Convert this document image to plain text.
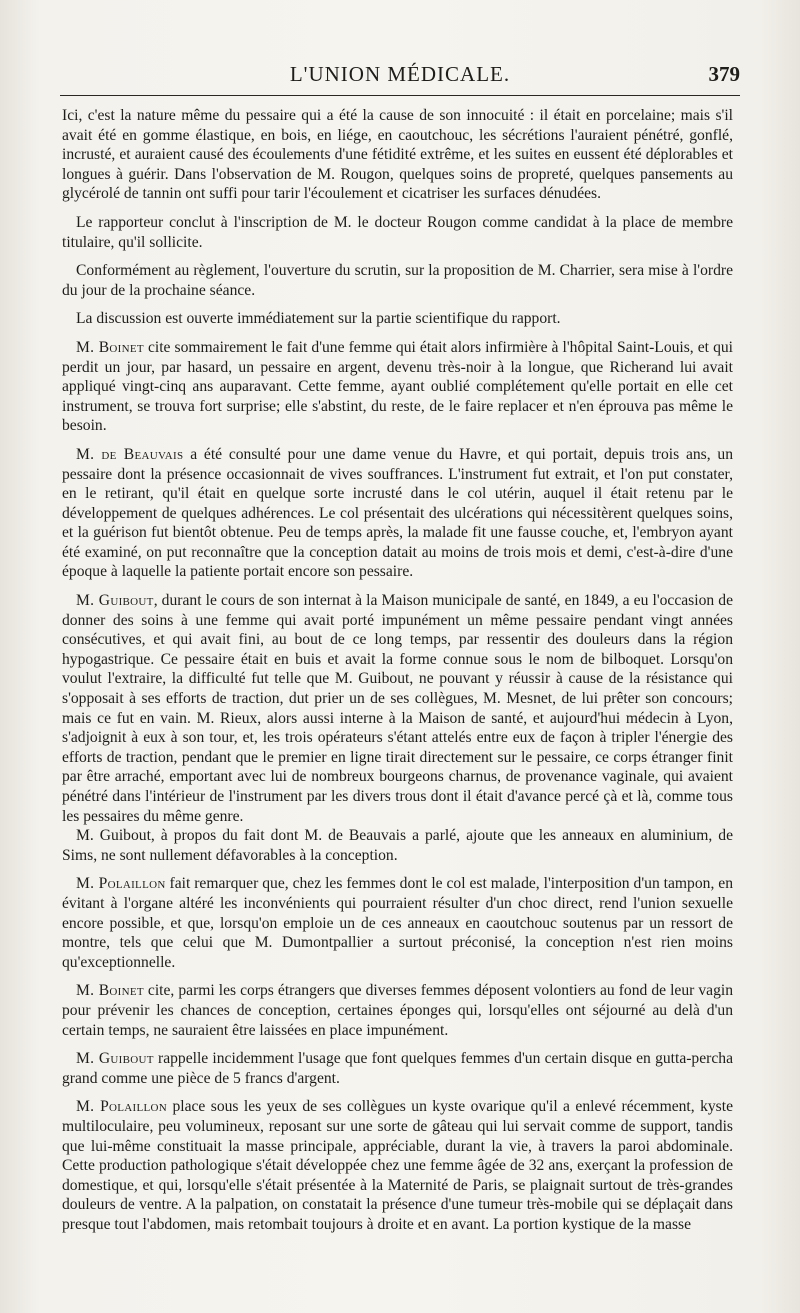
L'UNION MÉDICALE.	379

Ici, c'est la nature même du pessaire qui a été la cause de son innocuité : il était en porcelaine; mais s'il avait été en gomme élastique, en bois, en liége, en caoutchouc, les sécrétions l'auraient pénétré, gonflé, incrusté, et auraient causé des écoulements d'une fétidité extrême, et les suites en eussent été déplorables et longues à guérir. Dans l'observation de M. Rougon, quelques soins de propreté, quelques pansements au glycérolé de tannin ont suffi pour tarir l'écoulement et cicatriser les surfaces dénudées.

Le rapporteur conclut à l'inscription de M. le docteur Rougon comme candidat à la place de membre titulaire, qu'il sollicite.

Conformément au règlement, l'ouverture du scrutin, sur la proposition de M. Charrier, sera mise à l'ordre du jour de la prochaine séance.

La discussion est ouverte immédiatement sur la partie scientifique du rapport.

M. Boinet cite sommairement le fait d'une femme qui était alors infirmière à l'hôpital Saint-Louis, et qui perdit un jour, par hasard, un pessaire en argent, devenu très-noir à la longue, que Richerand lui avait appliqué vingt-cinq ans auparavant. Cette femme, ayant oublié complétement qu'elle portait en elle cet instrument, se trouva fort surprise; elle s'abstint, du reste, de le faire replacer et n'en éprouva pas même le besoin.

M. de Beauvais a été consulté pour une dame venue du Havre, et qui portait, depuis trois ans, un pessaire dont la présence occasionnait de vives souffrances. L'instrument fut extrait, et l'on put constater, en le retirant, qu'il était en quelque sorte incrusté dans le col utérin, auquel il était retenu par le développement de quelques adhérences. Le col présentait des ulcérations qui nécessitèrent quelques soins, et la guérison fut bientôt obtenue. Peu de temps après, la malade fit une fausse couche, et, l'embryon ayant été examiné, on put reconnaître que la conception datait au moins de trois mois et demi, c'est-à-dire d'une époque à laquelle la patiente portait encore son pessaire.

M. Guibout, durant le cours de son internat à la Maison municipale de santé, en 1849, a eu l'occasion de donner des soins à une femme qui avait porté impunément un même pessaire pendant vingt années consécutives, et qui avait fini, au bout de ce long temps, par ressentir des douleurs dans la région hypogastrique. Ce pessaire était en buis et avait la forme connue sous le nom de bilboquet. Lorsqu'on voulut l'extraire, la difficulté fut telle que M. Guibout, ne pouvant y réussir à cause de la résistance qui s'opposait à ses efforts de traction, dut prier un de ses collègues, M. Mesnet, de lui prêter son concours; mais ce fut en vain. M. Rieux, alors aussi interne à la Maison de santé, et aujourd'hui médecin à Lyon, s'adjoignit à eux à son tour, et, les trois opérateurs s'étant attelés entre eux de façon à tripler l'énergie des efforts de traction, pendant que le premier en ligne tirait directement sur le pessaire, ce corps étranger finit par être arraché, emportant avec lui de nombreux bourgeons charnus, de provenance vaginale, qui avaient pénétré dans l'intérieur de l'instrument par les divers trous dont il était d'avance percé çà et là, comme tous les pessaires du même genre.

M. Guibout, à propos du fait dont M. de Beauvais a parlé, ajoute que les anneaux en aluminium, de Sims, ne sont nullement défavorables à la conception.

M. Polaillon fait remarquer que, chez les femmes dont le col est malade, l'interposition d'un tampon, en évitant à l'organe altéré les inconvénients qui pourraient résulter d'un choc direct, rend l'union sexuelle encore possible, et que, lorsqu'on emploie un de ces anneaux en caoutchouc soutenus par un ressort de montre, tels que celui que M. Dumontpallier a surtout préconisé, la conception n'est rien moins qu'exceptionnelle.

M. Boinet cite, parmi les corps étrangers que diverses femmes déposent volontiers au fond de leur vagin pour prévenir les chances de conception, certaines éponges qui, lorsqu'elles ont séjourné au delà d'un certain temps, ne sauraient être laissées en place impunément.

M. Guibout rappelle incidemment l'usage que font quelques femmes d'un certain disque en gutta-percha grand comme une pièce de 5 francs d'argent.

M. Polaillon place sous les yeux de ses collègues un kyste ovarique qu'il a enlevé récemment, kyste multiloculaire, peu volumineux, reposant sur une sorte de gâteau qui lui servait comme de support, tandis que lui-même constituait la masse principale, appréciable, durant la vie, à travers la paroi abdominale. Cette production pathologique s'était développée chez une femme âgée de 32 ans, exerçant la profession de domestique, et qui, lorsqu'elle s'était présentée à la Maternité de Paris, se plaignait surtout de très-grandes douleurs de ventre. A la palpation, on constatait la présence d'une tumeur très-mobile qui se déplaçait dans presque tout l'abdomen, mais retombait toujours à droite et en avant. La portion kystique de la masse
